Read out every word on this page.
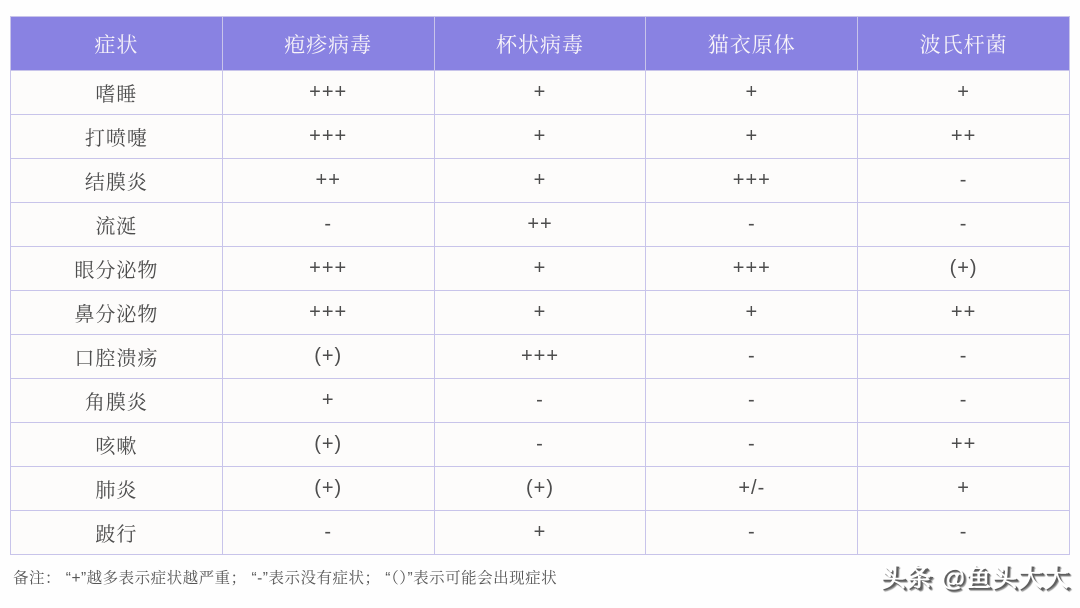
症状	疱疹病毒	杯状病毒	猫衣原体	波氏杆菌
嗜睡	+++	+	+	+
打喷嚏	+++	+	+	++
结膜炎	++	+	+++	-
流涎	-	++	-	-
眼分泌物	+++	+	+++	(+)
鼻分泌物	+++	+	+	++
口腔溃疡	(+)	+++	-	-
角膜炎	+	-	-	-
咳嗽	(+)	-	-	++
肺炎	(+)	(+)	+/-	+
跛行	-	+	-	-
备注： “+”越多表示症状越严重； “-”表示没有症状； “（）”表示可能会出现症状	头条 @鱼头大大
